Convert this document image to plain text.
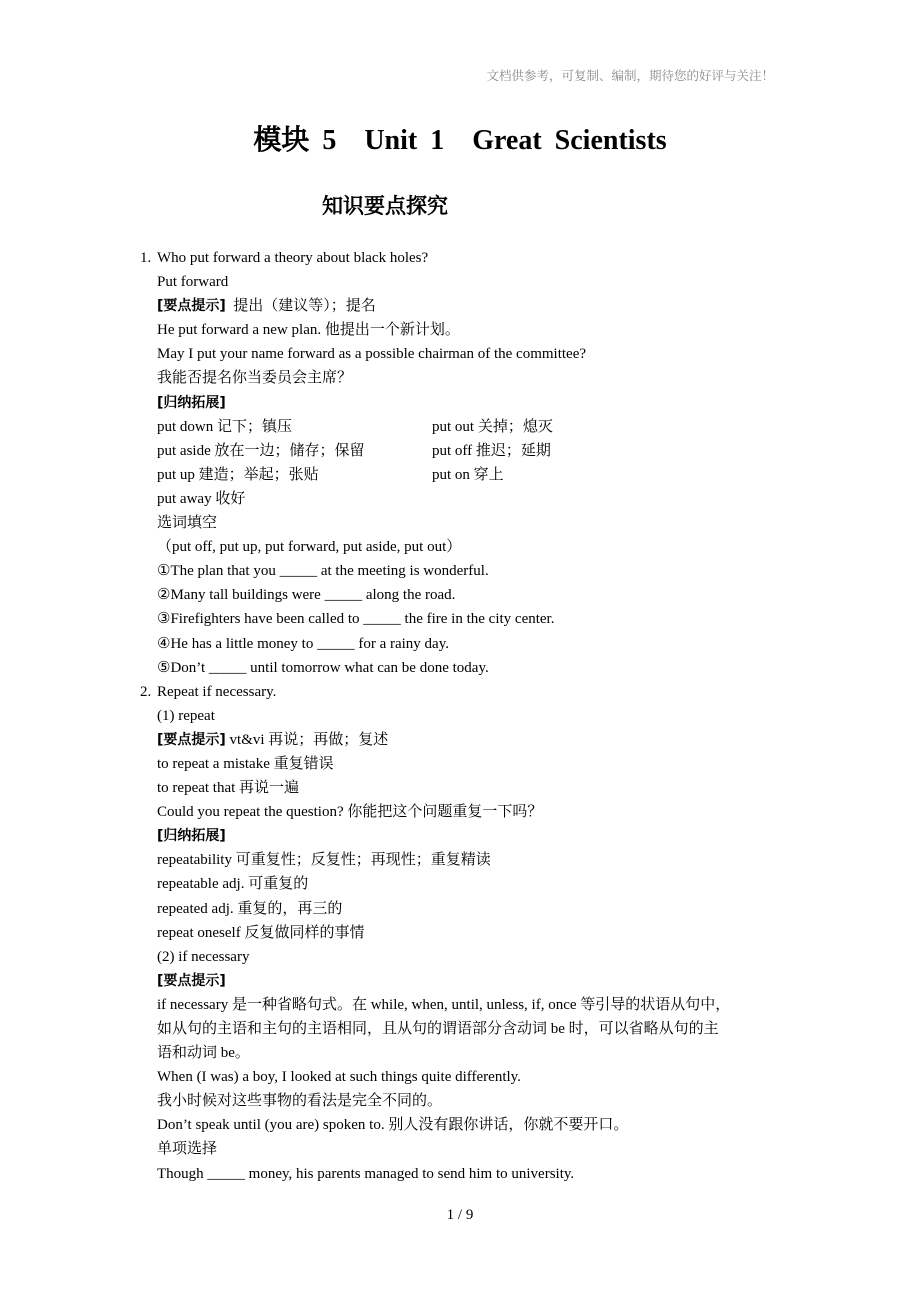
文档供参考，可复制、编制，期待您的好评与关注！
模块 5　Unit 1　Great Scientists
知识要点探究
1. Who put forward a theory about black holes?
Put forward
[要点提示] 提出（建议等）；提名
He put forward a new plan. 他提出一个新计划。
May I put your name forward as a possible chairman of the committee?
我能否提名你当委员会主席？
[归纳拓展]
put down 记下；镇压	put out 关掉；熄灭
put aside 放在一边；储存；保留	put off 推迟；延期
put up 建造；举起；张贴	put on 穿上
put away 收好
选词填空
（put off, put up, put forward, put aside, put out）
①The plan that you _____ at the meeting is wonderful.
②Many tall buildings were _____ along the road.
③Firefighters have been called to _____ the fire in the city center.
④He has a little money to _____ for a rainy day.
⑤Don’t _____ until tomorrow what can be done today.
2. Repeat if necessary.
(1) repeat
[要点提示] vt&vi 再说；再做；复述
to repeat a mistake 重复错误
to repeat that 再说一遍
Could you repeat the question? 你能把这个问题重复一下吗？
[归纳拓展]
repeatability 可重复性；反复性；再现性；重复精读
repeatable adj. 可重复的
repeated adj. 重复的，再三的
repeat oneself 反复做同样的事情
(2) if necessary
[要点提示]
if necessary 是一种省略句式。在 while, when, until, unless, if, once 等引导的状语从句中，
如从句的主语和主句的主语相同，且从句的谓语部分含动词 be 时，可以省略从句的主
语和动词 be。
When (I was) a boy, I looked at such things quite differently.
我小时候对这些事物的看法是完全不同的。
Don’t speak until (you are) spoken to. 别人没有跟你讲话，你就不要开口。
单项选择
Though _____ money, his parents managed to send him to university.
1 / 9
